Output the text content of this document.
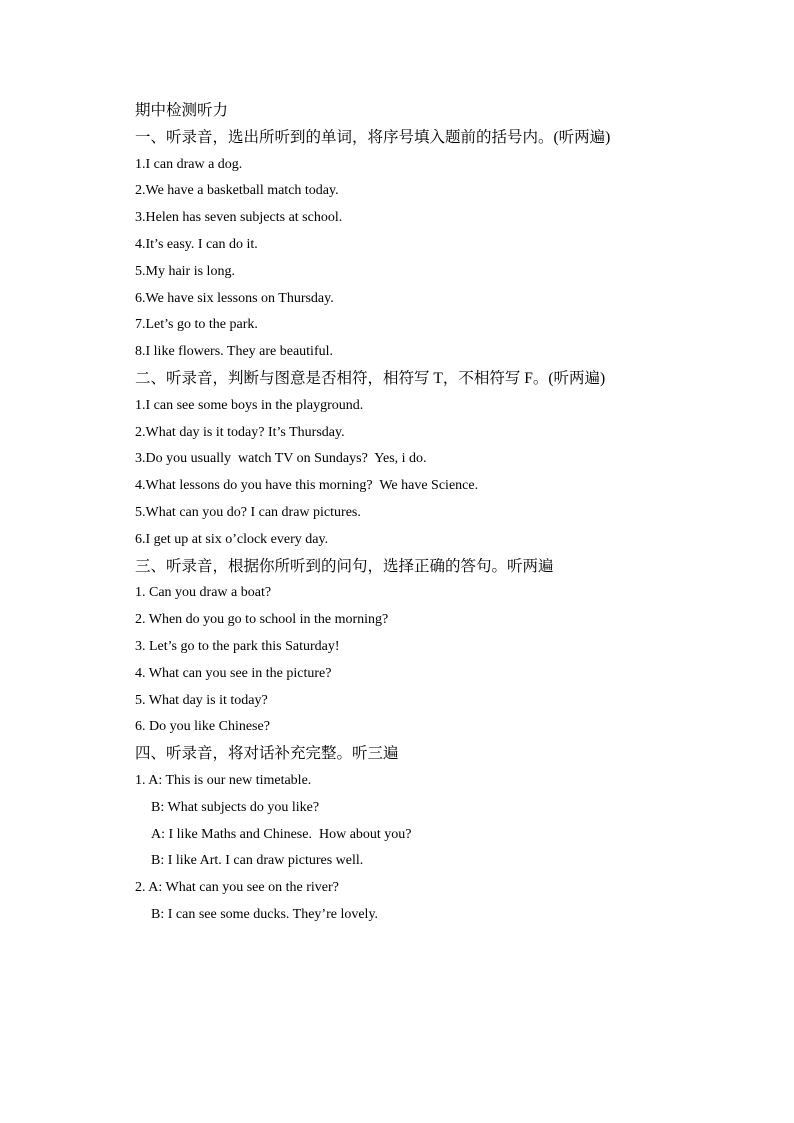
期中检测听力
一、听录音，选出所听到的单词，将序号填入题前的括号内。(听两遍)
1.I can draw a dog.
2.We have a basketball match today.
3.Helen has seven subjects at school.
4.It’s easy. I can do it.
5.My hair is long.
6.We have six lessons on Thursday.
7.Let’s go to the park.
8.I like flowers. They are beautiful.
二、听录音，判断与图意是否相符，相符写 T，不相符写 F。(听两遍)
1.I can see some boys in the playground.
2.What day is it today? It’s Thursday.
3.Do you usually  watch TV on Sundays?  Yes, i do.
4.What lessons do you have this morning?  We have Science.
5.What can you do? I can draw pictures.
6.I get up at six o’clock every day.
三、听录音，根据你所听到的问句，选择正确的答句。听两遍
1. Can you draw a boat?
2. When do you go to school in the morning?
3. Let’s go to the park this Saturday!
4. What can you see in the picture?
5. What day is it today?
6. Do you like Chinese?
四、听录音，将对话补充完整。听三遍
1. A: This is our new timetable.
B: What subjects do you like?
A: I like Maths and Chinese.  How about you?
B: I like Art. I can draw pictures well.
2. A: What can you see on the river?
B: I can see some ducks. They’re lovely.
